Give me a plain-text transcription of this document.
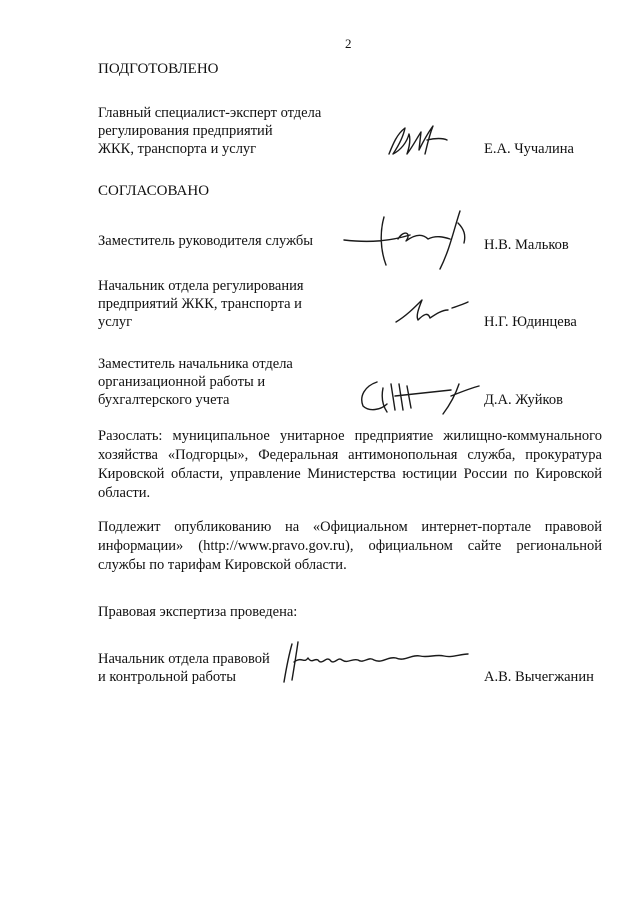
2
ПОДГОТОВЛЕНО
Главный специалист-эксперт отдела
регулирования предприятий
ЖКК, транспорта и услуг	Е.А. Чучалина
СОГЛАСОВАНО
Заместитель руководителя службы	Н.В. Мальков
Начальник отдела регулирования
предприятий ЖКК, транспорта и
услуг	Н.Г. Юдинцева
Заместитель начальника отдела
организационной работы и
бухгалтерского учета	Д.А. Жуйков
Разослать: муниципальное унитарное предприятие жилищно-коммунального хозяйства «Подгорцы», Федеральная антимонопольная служба, прокуратура Кировской области, управление Министерства юстиции России по Кировской области.
Подлежит опубликованию на «Официальном интернет-портале правовой информации» (http://www.pravo.gov.ru), официальном сайте региональной службы по тарифам Кировской области.
Правовая экспертиза проведена:
Начальник отдела правовой
и контрольной работы	А.В. Вычегжанин
